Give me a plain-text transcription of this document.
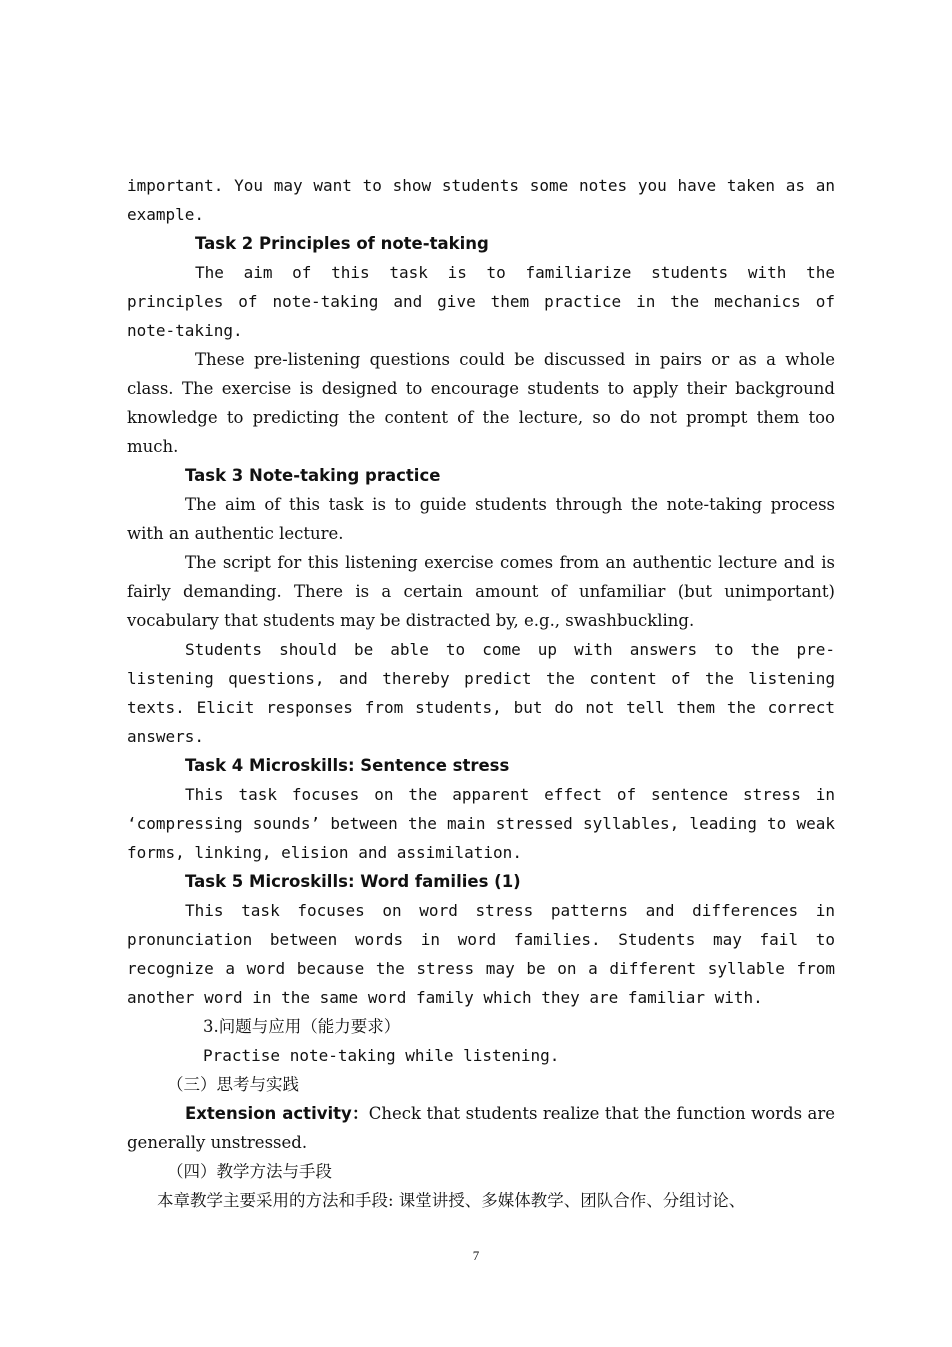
important. You may want to show students some notes you have taken as an example.

Task 2 Principles of note-taking

The aim of this task is to familiarize students with the principles of note-taking and give them practice in the mechanics of note-taking.

These pre-listening questions could be discussed in pairs or as a whole class. The exercise is designed to encourage students to apply their background knowledge to predicting the content of the lecture, so do not prompt them too much.

Task 3 Note-taking practice

The aim of this task is to guide students through the note-taking process with an authentic lecture.

The script for this listening exercise comes from an authentic lecture and is fairly demanding. There is a certain amount of unfamiliar (but unimportant) vocabulary that students may be distracted by, e.g., swashbuckling.

Students should be able to come up with answers to the pre-listening questions, and thereby predict the content of the listening texts. Elicit responses from students, but do not tell them the correct answers.

Task 4 Microskills: Sentence stress

This task focuses on the apparent effect of sentence stress in ‘compressing sounds’ between the main stressed syllables, leading to weak forms, linking, elision and assimilation.

Task 5 Microskills: Word families (1)

This task focuses on word stress patterns and differences in pronunciation between words in word families. Students may fail to recognize a word because the stress may be on a different syllable from another word in the same word family which they are familiar with.

3.问题与应用（能力要求）
Practise note-taking while listening.
（三）思考与实践

Extension activity：Check that students realize that the function words are generally unstressed.

（四）教学方法与手段

本章教学主要采用的方法和手段: 课堂讲授、多媒体教学、团队合作、分组讨论、

7
